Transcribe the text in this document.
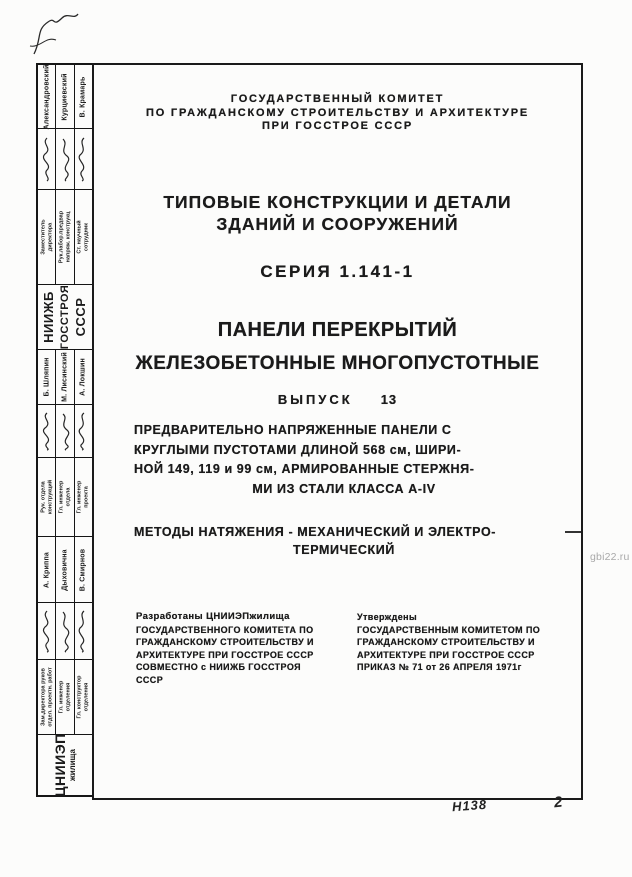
Александровский Курциевский В. Крамарь
Заместитель директора Рук.лабор.предвар напряж. конструкц Ст. научный сотрудник
НИИЖБ ГОССТРОЯ СССР
Б. Шляпин М. Лисинский А. Локшин
Рук. отдела конструкций Гл. инженер отдела Гл. инженер проекта
А. Криппа Дыховична В. Смирнов
Зам.директора руков отдел. проектн. работ Гл. инженер отделения Гл. конструктор отделения
ЦНИИЭП жилища
ГОСУДАРСТВЕННЫЙ КОМИТЕТ
ПО ГРАЖДАНСКОМУ СТРОИТЕЛЬСТВУ И АРХИТЕКТУРЕ
ПРИ ГОССТРОЕ СССР
ТИПОВЫЕ КОНСТРУКЦИИ И ДЕТАЛИ
ЗДАНИЙ И СООРУЖЕНИЙ
СЕРИЯ 1.141-1
ПАНЕЛИ ПЕРЕКРЫТИЙ
ЖЕЛЕЗОБЕТОННЫЕ МНОГОПУСТОТНЫЕ
ВЫПУСК 13
ПРЕДВАРИТЕЛЬНО НАПРЯЖЕННЫЕ ПАНЕЛИ С
КРУГЛЫМИ ПУСТОТАМИ ДЛИНОЙ 568 см, ШИРИ-
НОЙ 149, 119 и 99 см, АРМИРОВАННЫЕ СТЕРЖНЯ-
МИ ИЗ СТАЛИ КЛАССА А-IV
МЕТОДЫ НАТЯЖЕНИЯ - МЕХАНИЧЕСКИЙ И ЭЛЕКТРО-
ТЕРМИЧЕСКИЙ
Разработаны ЦНИИЭПжилища
ГОСУДАРСТВЕННОГО КОМИТЕТА ПО
ГРАЖДАНСКОМУ СТРОИТЕЛЬСТВУ И
АРХИТЕКТУРЕ ПРИ ГОССТРОЕ СССР
СОВМЕСТНО с НИИЖБ ГОССТРОЯ
СССР
Утверждены
ГОСУДАРСТВЕННЫМ КОМИТЕТОМ ПО
ГРАЖДАНСКОМУ СТРОИТЕЛЬСТВУ И
АРХИТЕКТУРЕ ПРИ ГОССТРОЕ СССР
ПРИКАЗ № 71 от 26 АПРЕЛЯ 1971г
gbi22.ru
Н138	2
